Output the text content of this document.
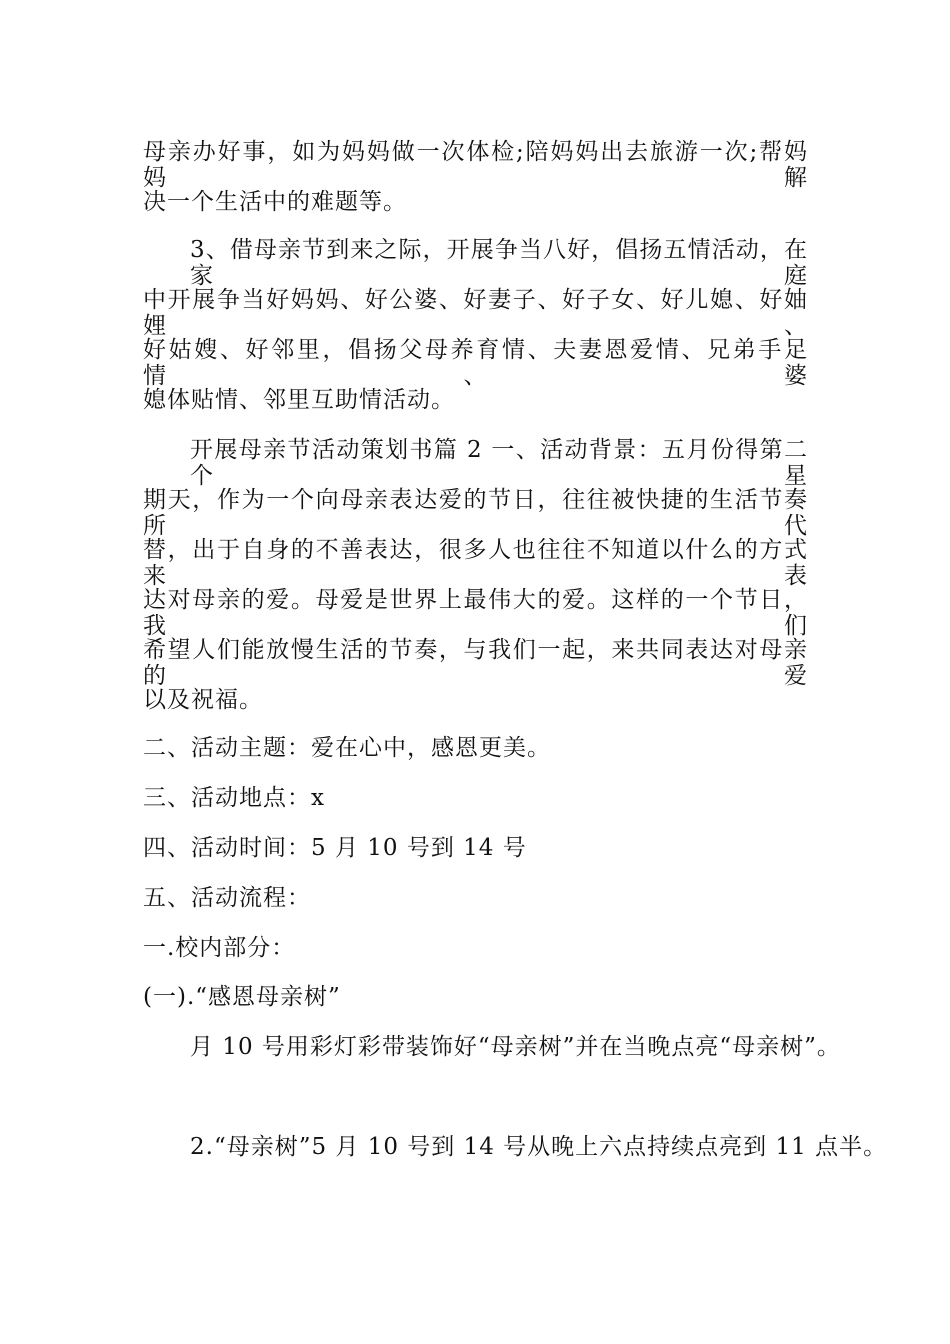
母亲办好事，如为妈妈做一次体检;陪妈妈出去旅游一次;帮妈妈解

决一个生活中的难题等。

3、借母亲节到来之际，开展争当八好，倡扬五情活动，在家庭

中开展争当好妈妈、好公婆、好妻子、好子女、好儿媳、好妯娌、

好姑嫂、好邻里，倡扬父母养育情、夫妻恩爱情、兄弟手足情、婆

媳体贴情、邻里互助情活动。

开展母亲节活动策划书篇 2 一、活动背景：五月份得第二个星

期天，作为一个向母亲表达爱的节日，往往被快捷的生活节奏所代

替，出于自身的不善表达，很多人也往往不知道以什么的方式来表

达对母亲的爱。母爱是世界上最伟大的爱。这样的一个节日，我们

希望人们能放慢生活的节奏，与我们一起，来共同表达对母亲的爱

以及祝福。

二、活动主题：爱在心中，感恩更美。

三、活动地点：x

四、活动时间：5 月 10 号到 14 号

五、活动流程：

一.校内部分：

(一).“感恩母亲树”

月 10 号用彩灯彩带装饰好“母亲树”并在当晚点亮“母亲树”。

2.“母亲树”5 月 10 号到 14 号从晚上六点持续点亮到 11 点半。
